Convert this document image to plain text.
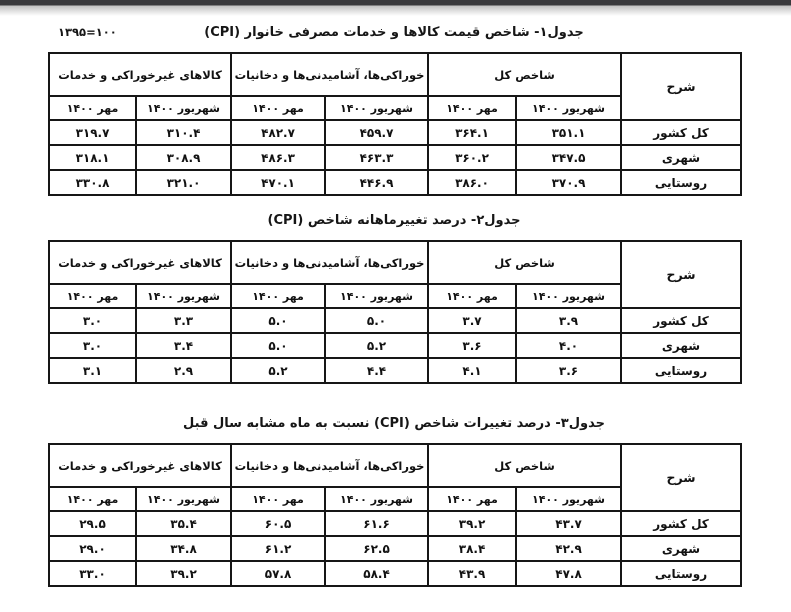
۱۳۹۵=۱۰۰	جدول۱- شاخص قیمت کالاها و خدمات مصرفی خانوار (CPI)
شرح	شاخص کل		خوراکی‌ها، آشامیدنی‌ها و دخانیات		کالاهای غیرخوراکی و خدمات	
	شهریور ۱۴۰۰	مهر ۱۴۰۰	شهریور ۱۴۰۰	مهر ۱۴۰۰	شهریور ۱۴۰۰	مهر ۱۴۰۰
کل کشور	۳۵۱.۱	۳۶۴.۱	۴۵۹.۷	۴۸۲.۷	۳۱۰.۴	۳۱۹.۷
شهری	۳۴۷.۵	۳۶۰.۲	۴۶۳.۳	۴۸۶.۳	۳۰۸.۹	۳۱۸.۱
روستایی	۳۷۰.۹	۳۸۶.۰	۴۴۶.۹	۴۷۰.۱	۳۲۱.۰	۳۳۰.۸
جدول۲- درصد تغییرماهانه شاخص (CPI)
شرح	شاخص کل		خوراکی‌ها، آشامیدنی‌ها و دخانیات		کالاهای غیرخوراکی و خدمات	
	شهریور ۱۴۰۰	مهر ۱۴۰۰	شهریور ۱۴۰۰	مهر ۱۴۰۰	شهریور ۱۴۰۰	مهر ۱۴۰۰
کل کشور	۳.۹	۳.۷	۵.۰	۵.۰	۳.۳	۳.۰
شهری	۴.۰	۳.۶	۵.۲	۵.۰	۳.۴	۳.۰
روستایی	۳.۶	۴.۱	۴.۴	۵.۲	۲.۹	۳.۱
جدول۳- درصد تغییرات شاخص (CPI) نسبت به ماه مشابه سال قبل
شرح	شاخص کل		خوراکی‌ها، آشامیدنی‌ها و دخانیات		کالاهای غیرخوراکی و خدمات	
	شهریور ۱۴۰۰	مهر ۱۴۰۰	شهریور ۱۴۰۰	مهر ۱۴۰۰	شهریور ۱۴۰۰	مهر ۱۴۰۰
کل کشور	۴۳.۷	۳۹.۲	۶۱.۶	۶۰.۵	۳۵.۴	۲۹.۵
شهری	۴۲.۹	۳۸.۴	۶۲.۵	۶۱.۲	۳۴.۸	۲۹.۰
روستایی	۴۷.۸	۴۳.۹	۵۸.۴	۵۷.۸	۳۹.۲	۳۳.۰
